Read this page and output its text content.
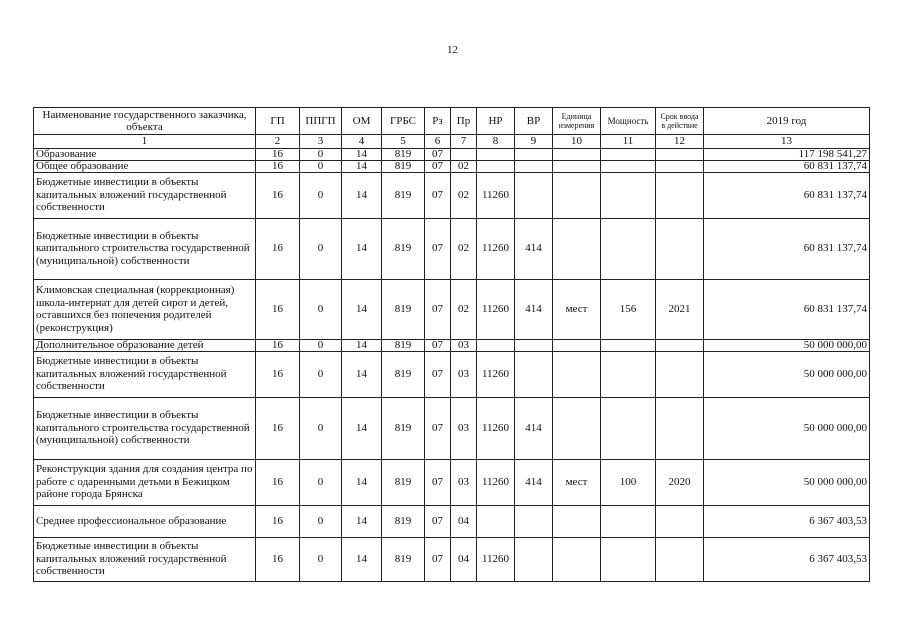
12
Наименование государственного заказчика, объекта	ГП	ППГП	ОМ	ГРБС	Рз	Пр	НР	ВР	Единица измерения	Мощность	Срок ввода в действие	2019 год
1	2	3	4	5	6	7	8	9	10	11	12	13
Образование	16	0	14	819	07							117 198 541,27
Общее образование	16	0	14	819	07	02						60 831 137,74
Бюджетные инвестиции в объекты капитальных вложений государственной собственности	16	0	14	819	07	02	11260					60 831 137,74
Бюджетные инвестиции в объекты капитального строительства государственной (муниципальной) собственности	16	0	14	819	07	02	11260	414				60 831 137,74
Климовская специальная (коррекционная) школа-интернат для детей сирот и детей, оставшихся без попечения родителей (реконструкция)	16	0	14	819	07	02	11260	414	мест	156	2021	60 831 137,74
Дополнительное образование детей	16	0	14	819	07	03						50 000 000,00
Бюджетные инвестиции в объекты капитальных вложений государственной собственности	16	0	14	819	07	03	11260					50 000 000,00
Бюджетные инвестиции в объекты капитального строительства государственной (муниципальной) собственности	16	0	14	819	07	03	11260	414				50 000 000,00
Реконструкция здания для создания центра по работе с одаренными детьми в Бежицком районе города Брянска	16	0	14	819	07	03	11260	414	мест	100	2020	50 000 000,00
Среднее профессиональное образование	16	0	14	819	07	04						6 367 403,53
Бюджетные инвестиции в объекты капитальных вложений государственной собственности	16	0	14	819	07	04	11260					6 367 403,53
